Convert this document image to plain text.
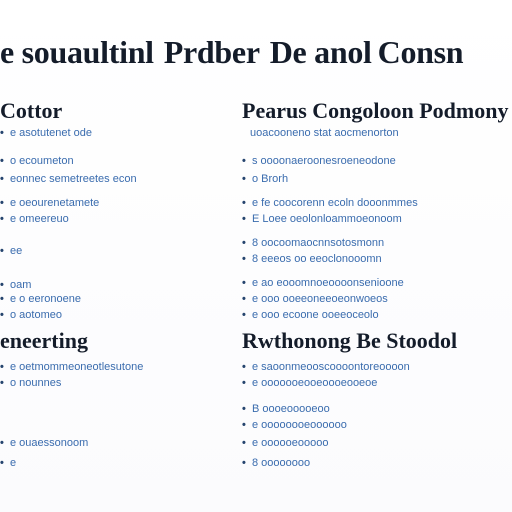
e souaultinl Prdber De anol Consn
Cottor
• e asotutenet ode
• o ecoumeton
• eonnec semetreetes econ
• e oeourenetamete
• e omeereuo
• ee
• oam
• e o eeronoene
• o aotomeo
eneerting
• e oetmommeoneotlesutone
• o nounnes
• e ouaessonoom
• e
Pearus Congoloon Podmony
uoacooneno stat aocmenorton
• s oooonaeroonesroeneodone
• o Brorh
• e fe coocorenn ecoln dooonmmes
• E Loee oeolonloammoeonoom
• 8 oocoomaocnnsotosmonn
• 8 eeeos oo eeoclonooomn
• e ao eooomnoeoooonsenioone
• e ooo ooeeoneeoeonwoeos
• e ooo ecoone ooeeoceolo
Rwthonong Be Stoodol
• e saoonmeooscoooontoreoooon
• e ooooooeooeoooeooeoe
• B oooeooooeoo
• e oooooooeoooooo
• e oooooeooooo
• 8 oooooooo
